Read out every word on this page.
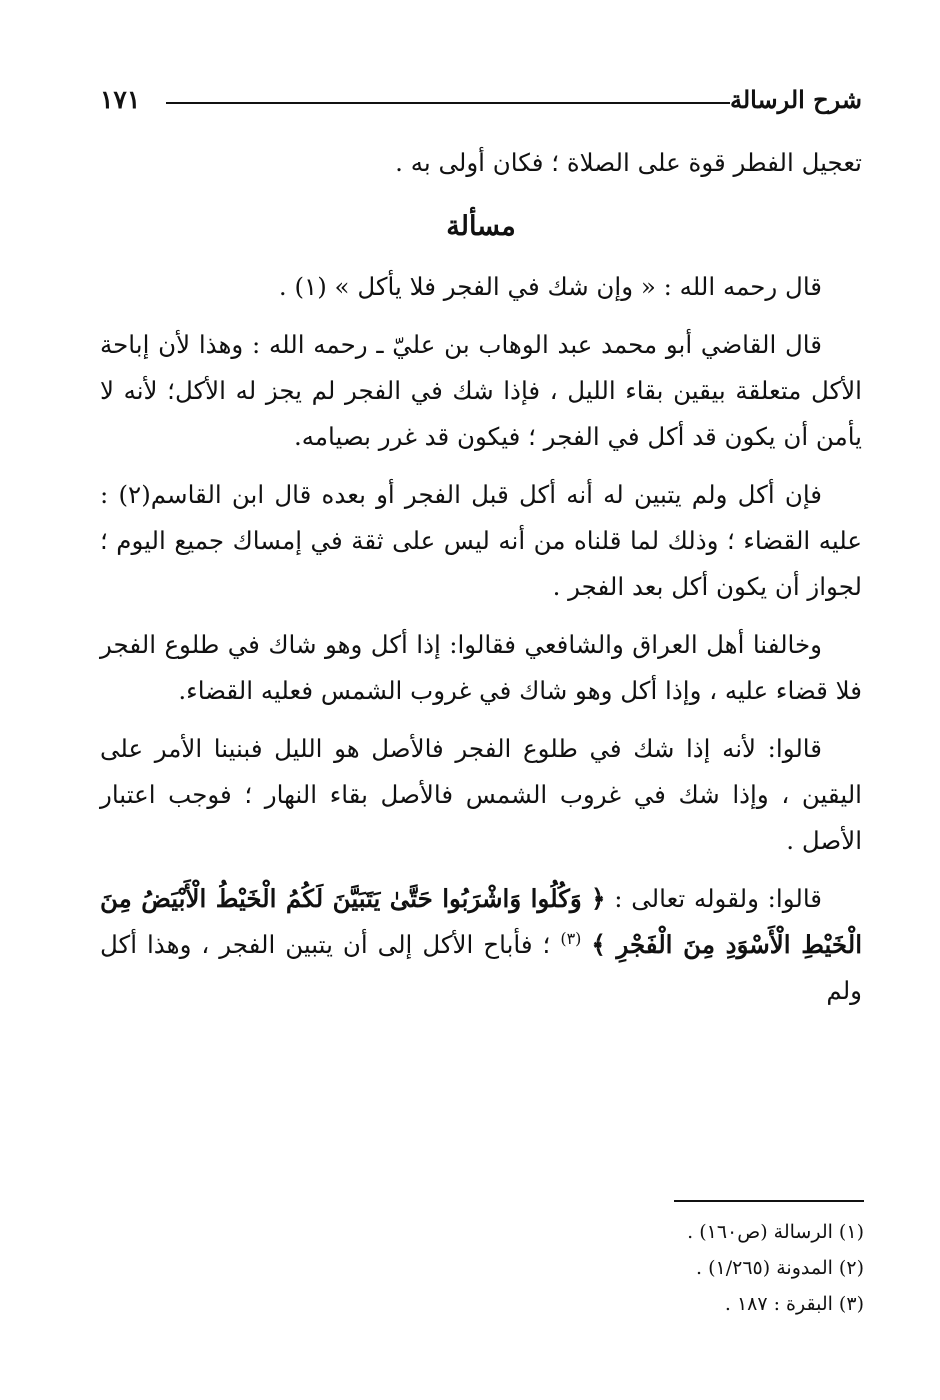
شرح الرسالة
١٧١

تعجيل الفطر قوة على الصلاة ؛ فكان أولى به .

مسألة

قال رحمه الله : « وإن شك في الفجر فلا يأكل » (١) .

قال القاضي أبو محمد عبد الوهاب بن عليّ ـ رحمه الله : وهذا لأن إباحة الأكل متعلقة بيقين بقاء الليل ، فإذا شك في الفجر لم يجز له الأكل؛ لأنه لا يأمن أن يكون قد أكل في الفجر ؛ فيكون قد غرر بصيامه.

فإن أكل ولم يتبين له أنه أكل قبل الفجر أو بعده قال ابن القاسم(٢) : عليه القضاء ؛ وذلك لما قلناه من أنه ليس على ثقة في إمساك جميع اليوم ؛ لجواز أن يكون أكل بعد الفجر .

وخالفنا أهل العراق والشافعي فقالوا: إذا أكل وهو شاك في طلوع الفجر فلا قضاء عليه ، وإذا أكل وهو شاك في غروب الشمس فعليه القضاء.

قالوا: لأنه إذا شك في طلوع الفجر فالأصل هو الليل فبنينا الأمر على اليقين ، وإذا شك في غروب الشمس فالأصل بقاء النهار ؛ فوجب اعتبار الأصل .

قالوا: ولقوله تعالى : ﴿ وَكُلُوا وَاشْرَبُوا حَتَّىٰ يَتَبَيَّنَ لَكُمُ الْخَيْطُ الْأَبْيَضُ مِنَ الْخَيْطِ الْأَسْوَدِ مِنَ الْفَجْرِ ﴾ $^{(٣)}$ ؛ فأباح الأكل إلى أن يتبين الفجر ، وهذا أكل ولم

(١) الرسالة (ص١٦٠) .
(٢) المدونة (١/٢٦٥) .
(٣) البقرة : ١٨٧ .
